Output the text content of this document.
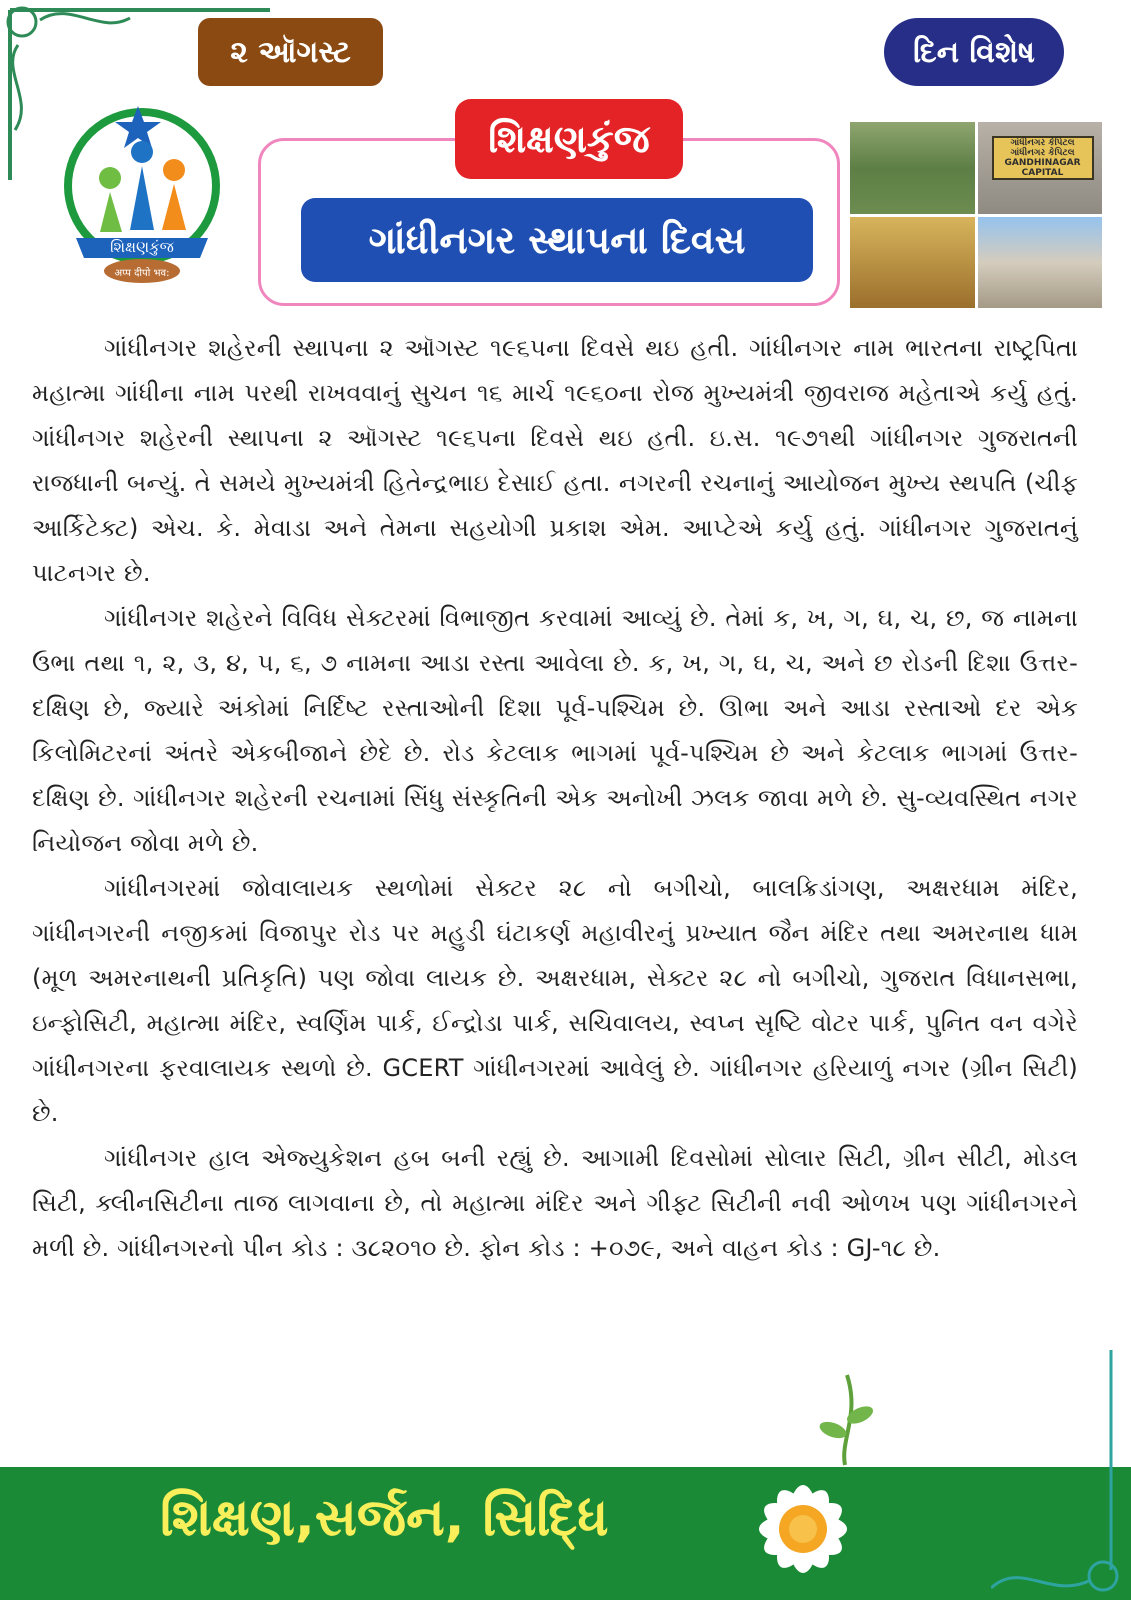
૨ ઑગસ્ટ	દિન વિશેષ
શિક્ષણકુંજ
अप्प दीपो भव:
શિક્ષણકુંજ
ગાંધીનગર સ્થાપના દિવસ
ગાંધીનગર કેપિટલ ગાંધીનગર કેપિટલ GANDHINAGAR CAPITAL

ગાંધીનગર શહેરની સ્થાપના ૨ ઑગસ્ટ ૧૯૬૫ના દિવસે થઇ હતી. ગાંધીનગર નામ ભારતના રાષ્ટ્રપિતા મહાત્મા ગાંધીના નામ પરથી રાખવવાનું સુચન ૧૬ માર્ચ ૧૯૬૦ના રોજ મુખ્યમંત્રી જીવરાજ મહેતાએ કર્યુ હતું. ગાંધીનગર શહેરની સ્થાપના ૨ ઑગસ્ટ ૧૯૬૫ના દિવસે થઇ હતી. ઇ.સ. ૧૯૭૧થી ગાંધીનગર ગુજરાતની રાજધાની બન્યું. તે સમયે મુખ્યમંત્રી હિતેન્દ્રભાઇ દેસાઈ હતા. નગરની રચનાનું આયોજન મુખ્ય સ્થપતિ (ચીફ આર્કિટેક્ટ) એચ. કે. મેવાડા અને તેમના સહયોગી પ્રકાશ એમ. આપ્ટેએ કર્યુ હતું. ગાંધીનગર ગુજરાતનું પાટનગર છે.

ગાંધીનગર શહેરને વિવિધ સેક્ટરમાં વિભાજીત કરવામાં આવ્યું છે. તેમાં ક, ખ, ગ, ઘ, ચ, છ, જ નામના ઉભા તથા ૧, ૨, ૩, ૪, ૫, ૬, ૭ નામના આડા રસ્તા આવેલા છે. ક, ખ, ગ, ઘ, ચ, અને છ રોડની દિશા ઉત્તર-દક્ષિણ છે, જ્યારે અંકોમાં નિર્દિષ્ટ રસ્તાઓની દિશા પૂર્વ-પશ્ચિમ છે. ઊભા અને આડા રસ્તાઓ દર એક કિલોમિટરનાં અંતરે એકબીજાને છેદે છે. રોડ કેટલાક ભાગમાં પૂર્વ-પશ્ચિમ છે અને કેટલાક ભાગમાં ઉત્તર-દક્ષિણ છે. ગાંધીનગર શહેરની રચનામાં સિંધુ સંસ્કૃતિની એક અનોખી ઝલક જાવા મળે છે. સુ-વ્યવસ્થિત નગર નિયોજન જોવા મળે છે.

ગાંધીનગરમાં જોવાલાયક સ્થળોમાં સેક્ટર ૨૮ નો બગીચો, બાલક્રિડાંગણ, અક્ષરધામ મંદિર, ગાંધીનગરની નજીકમાં વિજાપુર રોડ પર મહુડી ઘંટાકર્ણ મહાવીરનું પ્રખ્યાત જૈન મંદિર તથા અમરનાથ ધામ (મૂળ અમરનાથની પ્રતિકૃતિ) પણ જોવા લાયક છે. અક્ષરધામ, સેક્ટર ૨૮ નો બગીચો, ગુજરાત વિધાનસભા, ઇન્ફોસિટી, મહાત્મા મંદિર, સ્વર્ણિમ પાર્ક, ઈન્દ્રોડા પાર્ક, સચિવાલય, સ્વપ્ન સૃષ્ટિ વોટર પાર્ક, પુનિત વન વગેરે ગાંધીનગરના ફરવાલાયક સ્થળો છે. GCERT ગાંધીનગરમાં આવેલું છે. ગાંધીનગર હરિયાળું નગર (ગ્રીન સિટી) છે.

ગાંધીનગર હાલ એજ્યુકેશન હબ બની રહ્યું છે. આગામી દિવસોમાં સોલાર સિટી, ગ્રીન સીટી, મોડલ સિટી, ક્લીનસિટીના તાજ લાગવાના છે, તો મહાત્મા મંદિર અને ગીફ્ટ સિટીની નવી ઓળખ પણ ગાંધીનગરને મળી છે. ગાંધીનગરનો પીન કોડ : ૩૮૨૦૧૦ છે. ફોન કોડ : +૦૭૯, અને વાહન કોડ : GJ-૧૮ છે.

શિક્ષણ,સર્જન, સિદ્ધિ
